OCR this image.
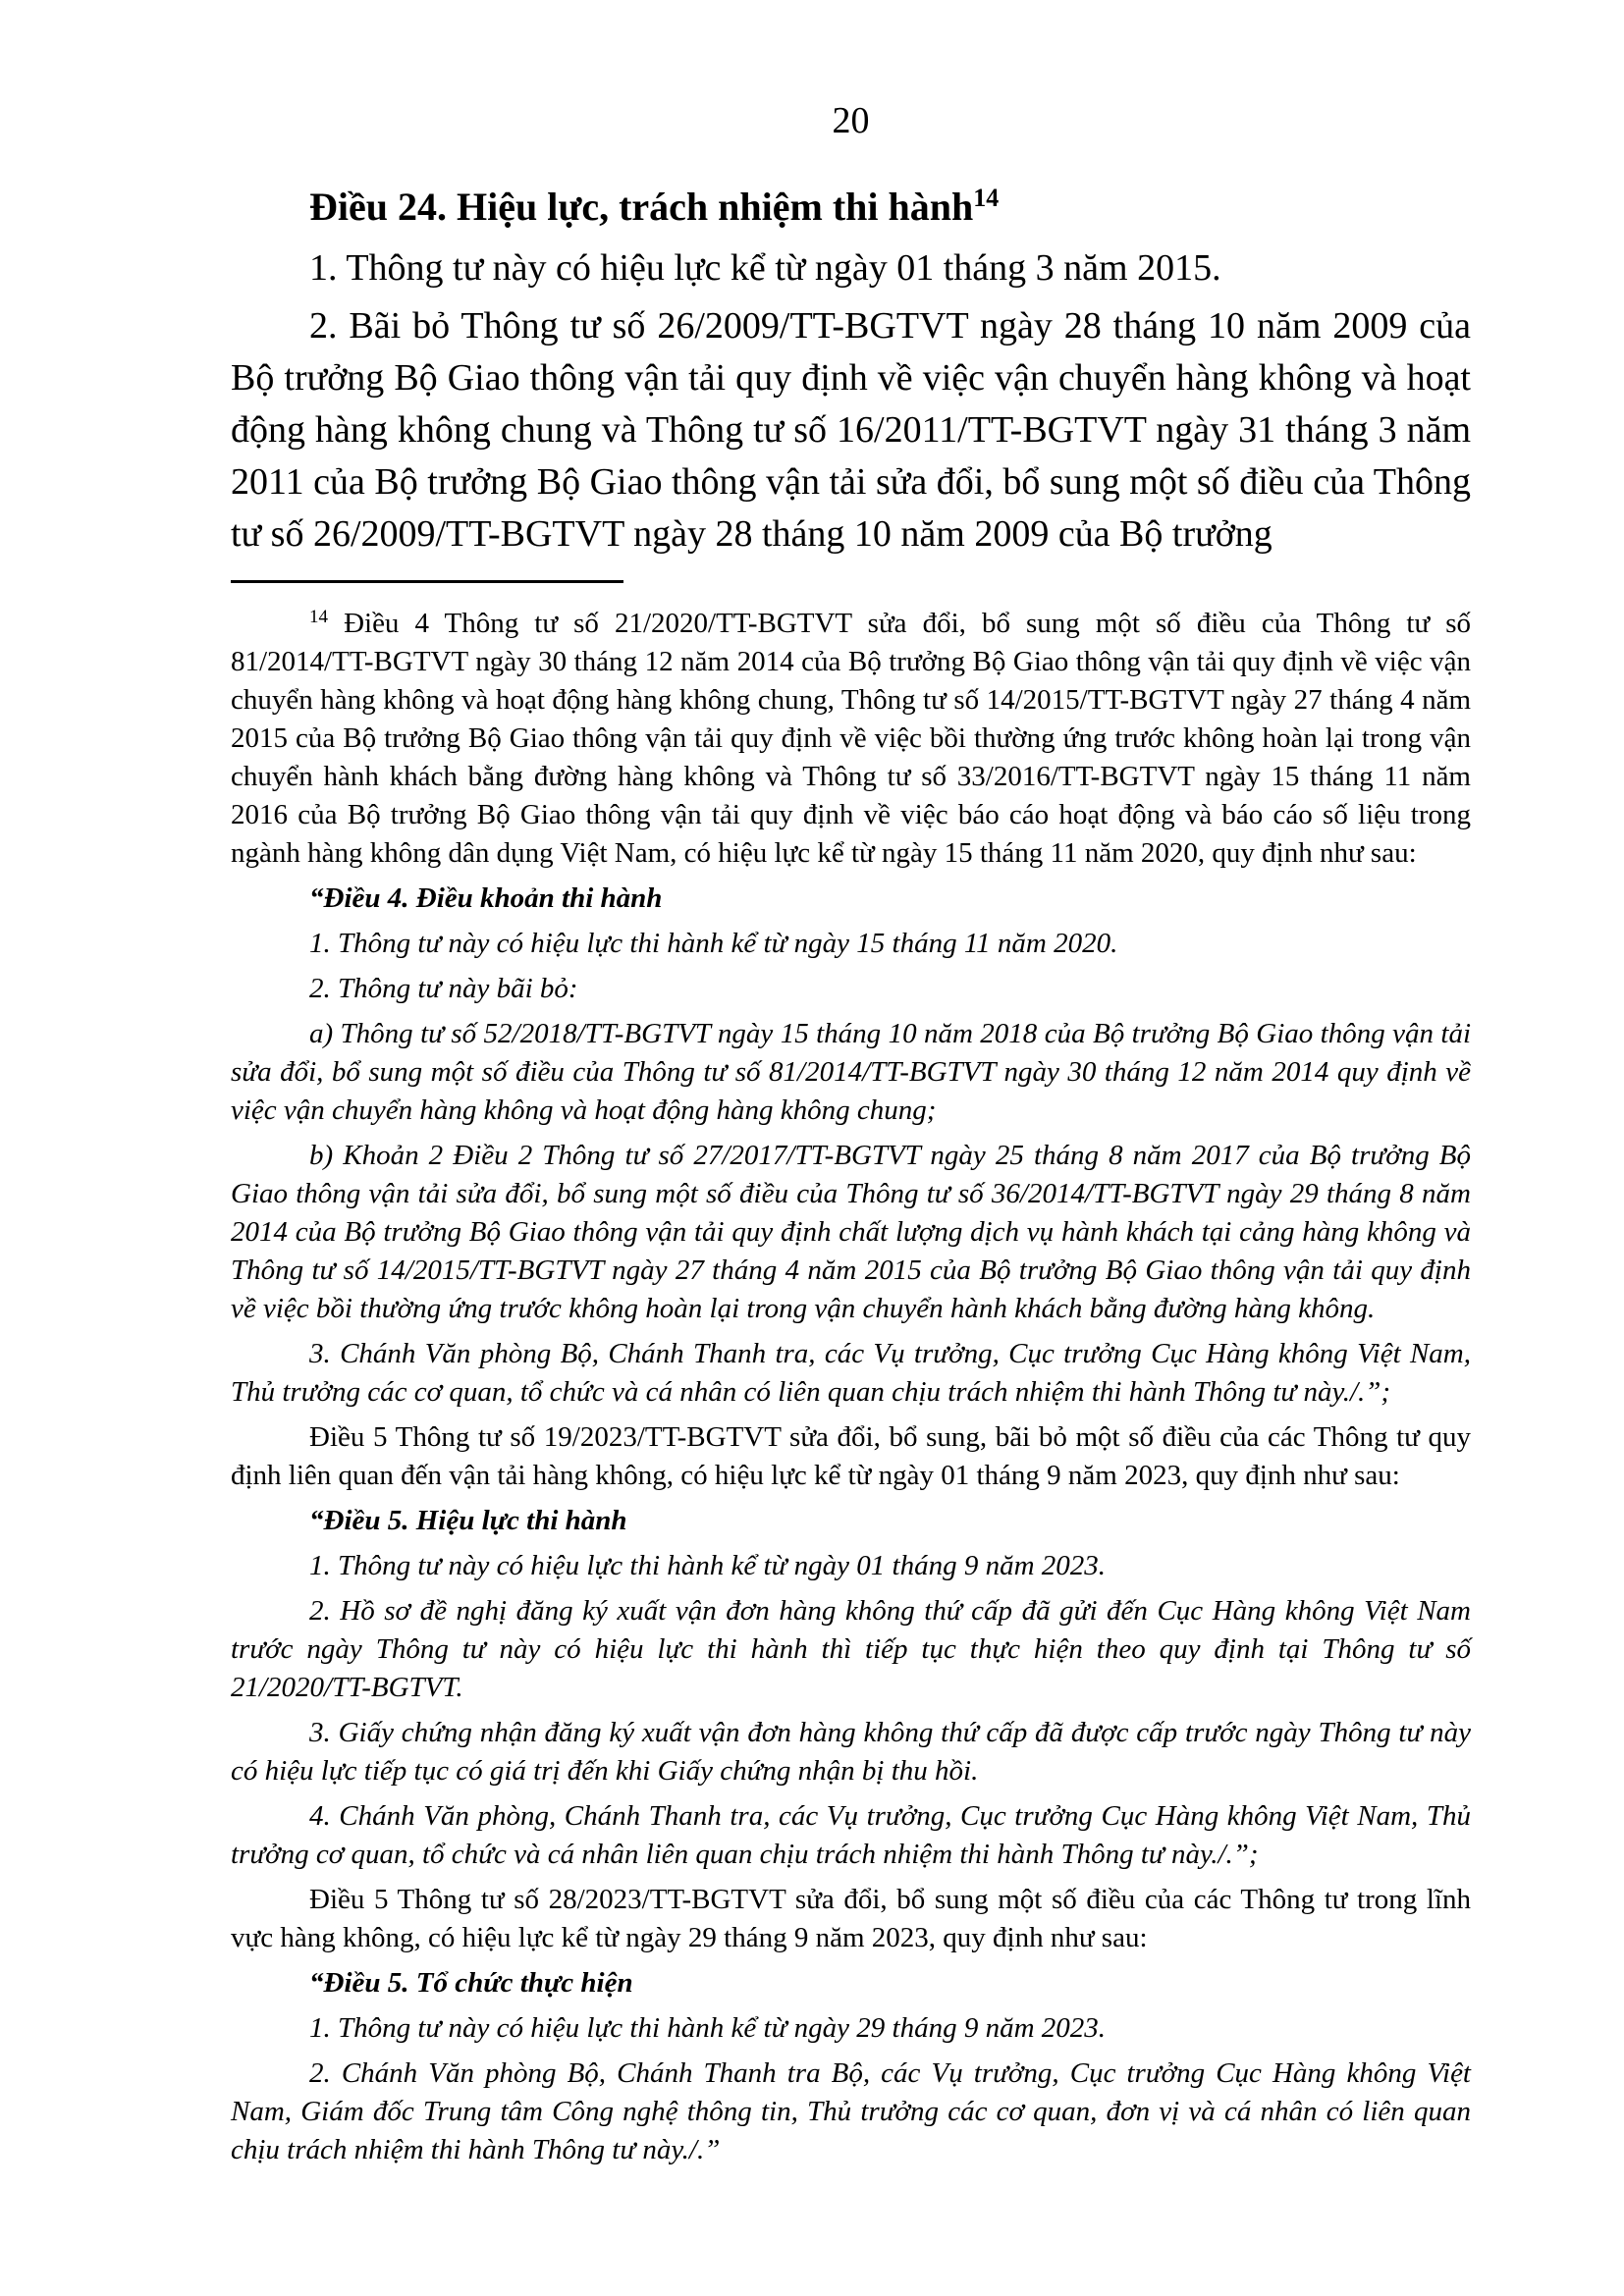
20
Điều 24. Hiệu lực, trách nhiệm thi hành$^{14}$

1. Thông tư này có hiệu lực kể từ ngày 01 tháng 3 năm 2015.

2. Bãi bỏ Thông tư số 26/2009/TT-BGTVT ngày 28 tháng 10 năm 2009 của Bộ trưởng Bộ Giao thông vận tải quy định về việc vận chuyển hàng không và hoạt động hàng không chung và Thông tư số 16/2011/TT-BGTVT ngày 31 tháng 3 năm 2011 của Bộ trưởng Bộ Giao thông vận tải sửa đổi, bổ sung một số điều của Thông tư số 26/2009/TT-BGTVT ngày 28 tháng 10 năm 2009 của Bộ trưởng

$^{14}$ Điều 4 Thông tư số 21/2020/TT-BGTVT sửa đổi, bổ sung một số điều của Thông tư số 81/2014/TT-BGTVT ngày 30 tháng 12 năm 2014 của Bộ trưởng Bộ Giao thông vận tải quy định về việc vận chuyển hàng không và hoạt động hàng không chung, Thông tư số 14/2015/TT-BGTVT ngày 27 tháng 4 năm 2015 của Bộ trưởng Bộ Giao thông vận tải quy định về việc bồi thường ứng trước không hoàn lại trong vận chuyển hành khách bằng đường hàng không và Thông tư số 33/2016/TT-BGTVT ngày 15 tháng 11 năm 2016 của Bộ trưởng Bộ Giao thông vận tải quy định về việc báo cáo hoạt động và báo cáo số liệu trong ngành hàng không dân dụng Việt Nam, có hiệu lực kể từ ngày 15 tháng 11 năm 2020, quy định như sau:

“Điều 4. Điều khoản thi hành

1. Thông tư này có hiệu lực thi hành kể từ ngày 15 tháng 11 năm 2020.

2. Thông tư này bãi bỏ:

a) Thông tư số 52/2018/TT-BGTVT ngày 15 tháng 10 năm 2018 của Bộ trưởng Bộ Giao thông vận tải sửa đổi, bổ sung một số điều của Thông tư số 81/2014/TT-BGTVT ngày 30 tháng 12 năm 2014 quy định về việc vận chuyển hàng không và hoạt động hàng không chung;

b) Khoản 2 Điều 2 Thông tư số 27/2017/TT-BGTVT ngày 25 tháng 8 năm 2017 của Bộ trưởng Bộ Giao thông vận tải sửa đổi, bổ sung một số điều của Thông tư số 36/2014/TT-BGTVT ngày 29 tháng 8 năm 2014 của Bộ trưởng Bộ Giao thông vận tải quy định chất lượng dịch vụ hành khách tại cảng hàng không và Thông tư số 14/2015/TT-BGTVT ngày 27 tháng 4 năm 2015 của Bộ trưởng Bộ Giao thông vận tải quy định về việc bồi thường ứng trước không hoàn lại trong vận chuyển hành khách bằng đường hàng không.

3. Chánh Văn phòng Bộ, Chánh Thanh tra, các Vụ trưởng, Cục trưởng Cục Hàng không Việt Nam, Thủ trưởng các cơ quan, tổ chức và cá nhân có liên quan chịu trách nhiệm thi hành Thông tư này./.”;

Điều 5 Thông tư số 19/2023/TT-BGTVT sửa đổi, bổ sung, bãi bỏ một số điều của các Thông tư quy định liên quan đến vận tải hàng không, có hiệu lực kể từ ngày 01 tháng 9 năm 2023, quy định như sau:

“Điều 5. Hiệu lực thi hành

1. Thông tư này có hiệu lực thi hành kể từ ngày 01 tháng 9 năm 2023.

2. Hồ sơ đề nghị đăng ký xuất vận đơn hàng không thứ cấp đã gửi đến Cục Hàng không Việt Nam trước ngày Thông tư này có hiệu lực thi hành thì tiếp tục thực hiện theo quy định tại Thông tư số 21/2020/TT-BGTVT.

3. Giấy chứng nhận đăng ký xuất vận đơn hàng không thứ cấp đã được cấp trước ngày Thông tư này có hiệu lực tiếp tục có giá trị đến khi Giấy chứng nhận bị thu hồi.

4. Chánh Văn phòng, Chánh Thanh tra, các Vụ trưởng, Cục trưởng Cục Hàng không Việt Nam, Thủ trưởng cơ quan, tổ chức và cá nhân liên quan chịu trách nhiệm thi hành Thông tư này./.”;

Điều 5 Thông tư số 28/2023/TT-BGTVT sửa đổi, bổ sung một số điều của các Thông tư trong lĩnh vực hàng không, có hiệu lực kể từ ngày 29 tháng 9 năm 2023, quy định như sau:

“Điều 5. Tổ chức thực hiện

1. Thông tư này có hiệu lực thi hành kể từ ngày 29 tháng 9 năm 2023.

2. Chánh Văn phòng Bộ, Chánh Thanh tra Bộ, các Vụ trưởng, Cục trưởng Cục Hàng không Việt Nam, Giám đốc Trung tâm Công nghệ thông tin, Thủ trưởng các cơ quan, đơn vị và cá nhân có liên quan chịu trách nhiệm thi hành Thông tư này./.”
